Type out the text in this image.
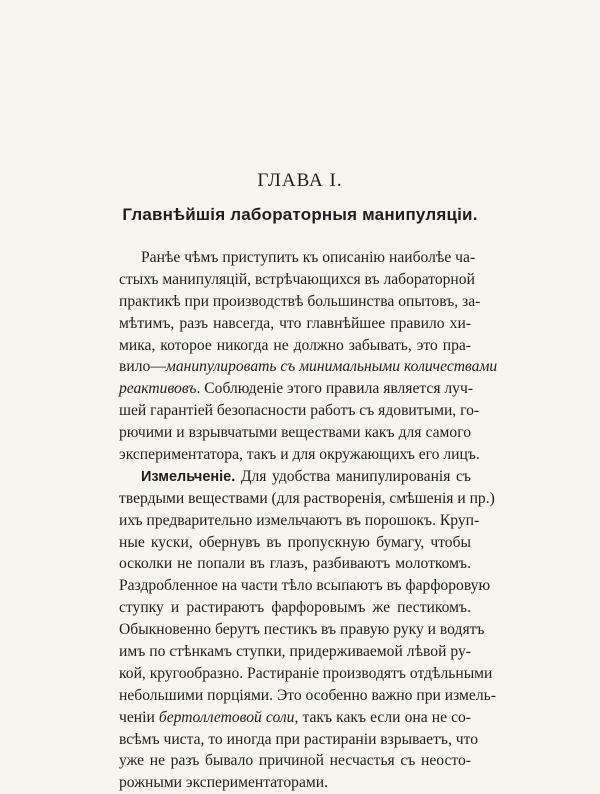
ГЛАВА I.
Главнѣйшія лабораторныя манипуляціи.
Ранѣе чѣмъ приступить къ описанію наиболѣе ча-
стыхъ манипуляцій, встрѣчающихся въ лабораторной
практикѣ при производствѣ большинства опытовъ, за-
мѣтимъ, разъ навсегда, что главнѣйшее правило хи-
мика, которое никогда не должно забывать, это пра-
вило—манипулировать съ минимальными количествами
реактивовъ. Соблюденіе этого правила является луч-
шей гарантіей безопасности работъ съ ядовитыми, го-
рючими и взрывчатыми веществами какъ для самого
экспериментатора, такъ и для окружающихъ его лицъ.
Измельченіе. Для удобства манипулированія съ
твердыми веществами (для растворенія, смѣшенія и пр.)
ихъ предварительно измельчаютъ въ порошокъ. Круп-
ные куски, обернувъ въ пропускную бумагу, чтобы
осколки не попали въ глазъ, разбиваютъ молоткомъ.
Раздробленное на части тѣло всыпаютъ въ фарфоровую
ступку и растираютъ фарфоровымъ же пестикомъ.
Обыкновенно берутъ пестикъ въ правую руку и водятъ
имъ по стѣнкамъ ступки, придерживаемой лѣвой ру-
кой, кругообразно. Растираніе производятъ отдѣльными
небольшими порціями. Это особенно важно при измель-
ченіи бертоллетовой соли, такъ какъ если она не со-
всѣмъ чиста, то иногда при растираніи взрываетъ, что
уже не разъ бывало причиной несчастья съ неосто-
рожными экспериментаторами.
